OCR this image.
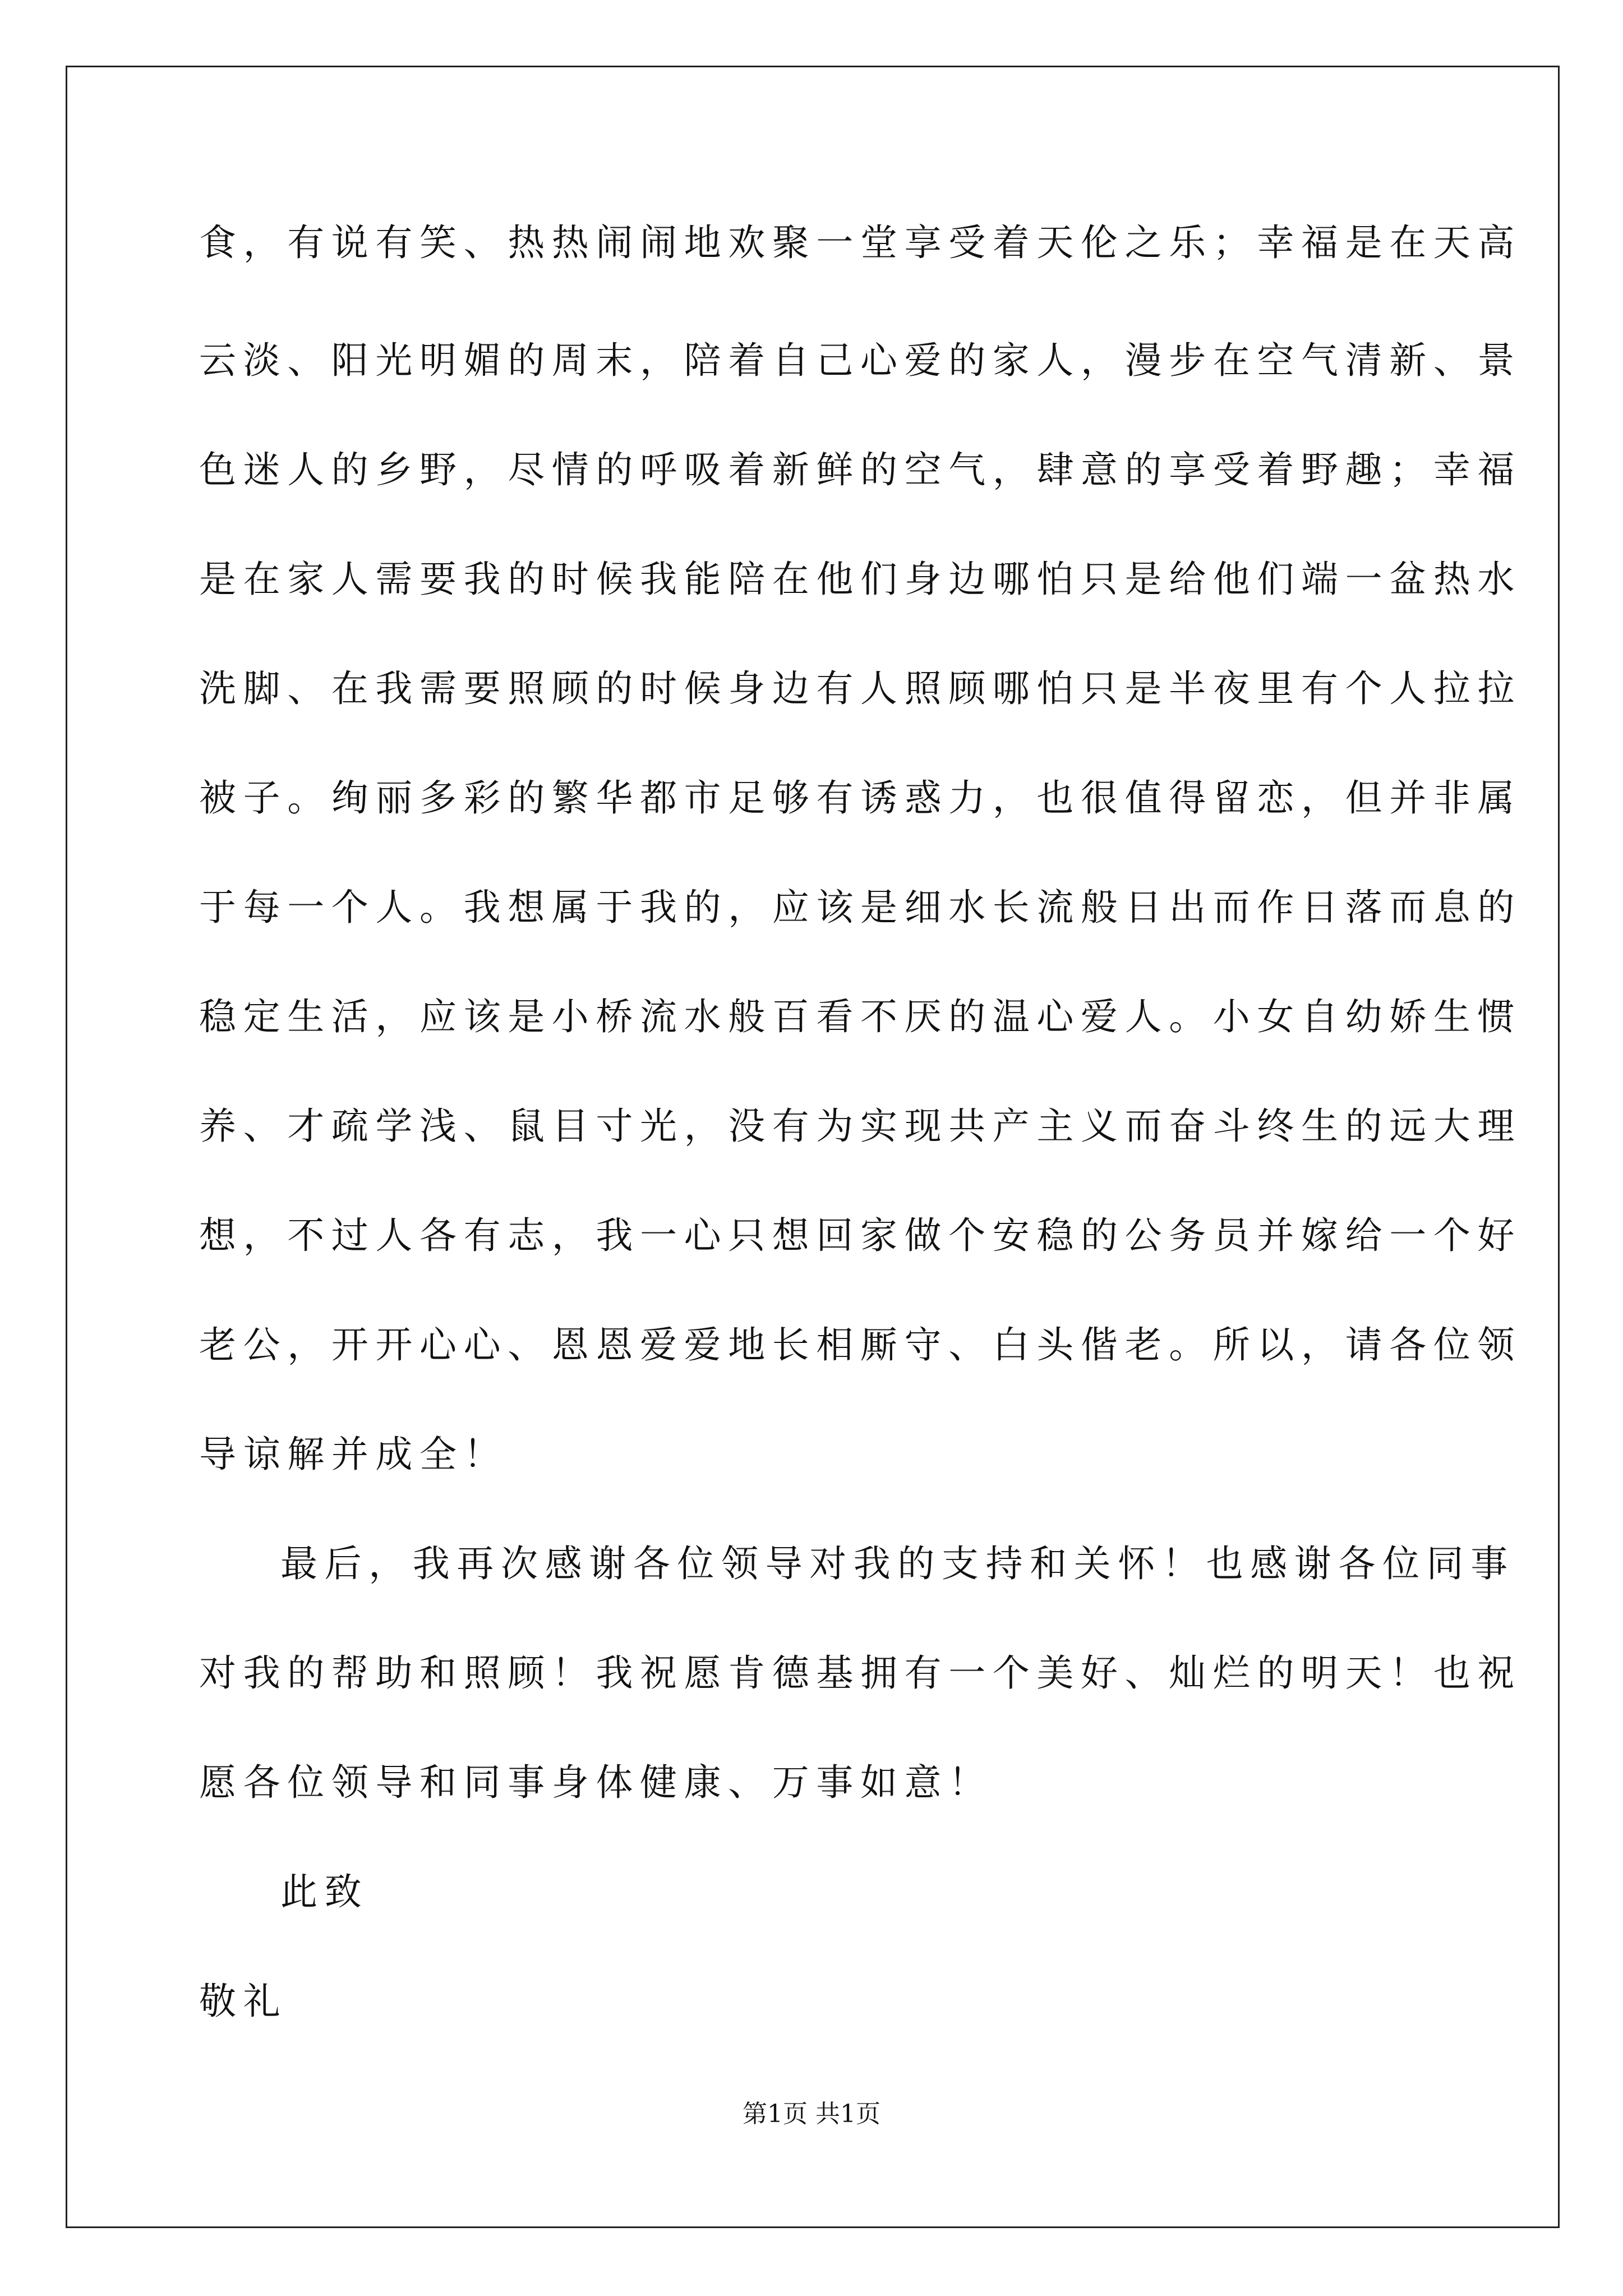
食，有说有笑、热热闹闹地欢聚一堂享受着天伦之乐；幸福是在天高

云淡、阳光明媚的周末，陪着自己心爱的家人，漫步在空气清新、景

色迷人的乡野，尽情的呼吸着新鲜的空气，肆意的享受着野趣；幸福

是在家人需要我的时候我能陪在他们身边哪怕只是给他们端一盆热水

洗脚、在我需要照顾的时候身边有人照顾哪怕只是半夜里有个人拉拉

被子。绚丽多彩的繁华都市足够有诱惑力，也很值得留恋，但并非属

于每一个人。我想属于我的，应该是细水长流般日出而作日落而息的

稳定生活，应该是小桥流水般百看不厌的温心爱人。小女自幼娇生惯

养、才疏学浅、鼠目寸光，没有为实现共产主义而奋斗终生的远大理

想，不过人各有志，我一心只想回家做个安稳的公务员并嫁给一个好

老公，开开心心、恩恩爱爱地长相厮守、白头偕老。所以，请各位领

导谅解并成全！

最后，我再次感谢各位领导对我的支持和关怀！也感谢各位同事

对我的帮助和照顾！我祝愿肯德基拥有一个美好、灿烂的明天！也祝

愿各位领导和同事身体健康、万事如意！

此致

敬礼

第1页 共1页
